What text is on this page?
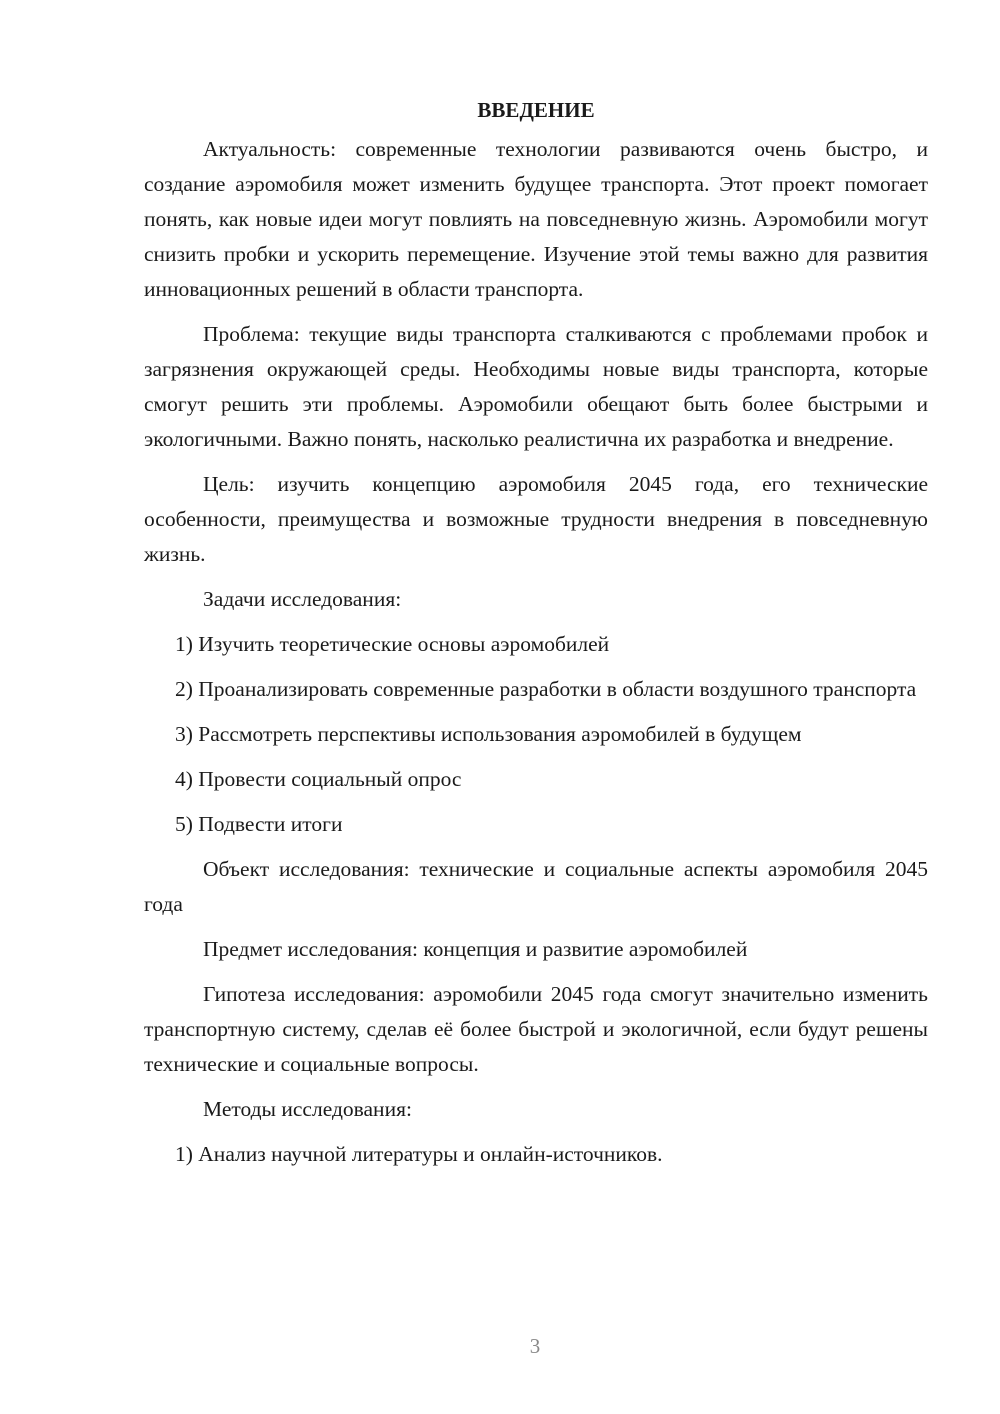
ВВЕДЕНИЕ

Актуальность: современные технологии развиваются очень быстро, и создание аэромобиля может изменить будущее транспорта. Этот проект помогает понять, как новые идеи могут повлиять на повседневную жизнь. Аэромобили могут снизить пробки и ускорить перемещение. Изучение этой темы важно для развития инновационных решений в области транспорта.

Проблема: текущие виды транспорта сталкиваются с проблемами пробок и загрязнения окружающей среды. Необходимы новые виды транспорта, которые смогут решить эти проблемы. Аэромобили обещают быть более быстрыми и экологичными. Важно понять, насколько реалистична их разработка и внедрение.

Цель: изучить концепцию аэромобиля 2045 года, его технические особенности, преимущества и возможные трудности внедрения в повседневную жизнь.

Задачи исследования:

1) Изучить теоретические основы аэромобилей

2) Проанализировать современные разработки в области воздушного транспорта

3) Рассмотреть перспективы использования аэромобилей в будущем

4) Провести социальный опрос

5) Подвести итоги

Объект исследования: технические и социальные аспекты аэромобиля 2045 года

Предмет исследования: концепция и развитие аэромобилей

Гипотеза исследования: аэромобили 2045 года смогут значительно изменить транспортную систему, сделав её более быстрой и экологичной, если будут решены технические и социальные вопросы.

Методы исследования:

1) Анализ научной литературы и онлайн-источников.

3
